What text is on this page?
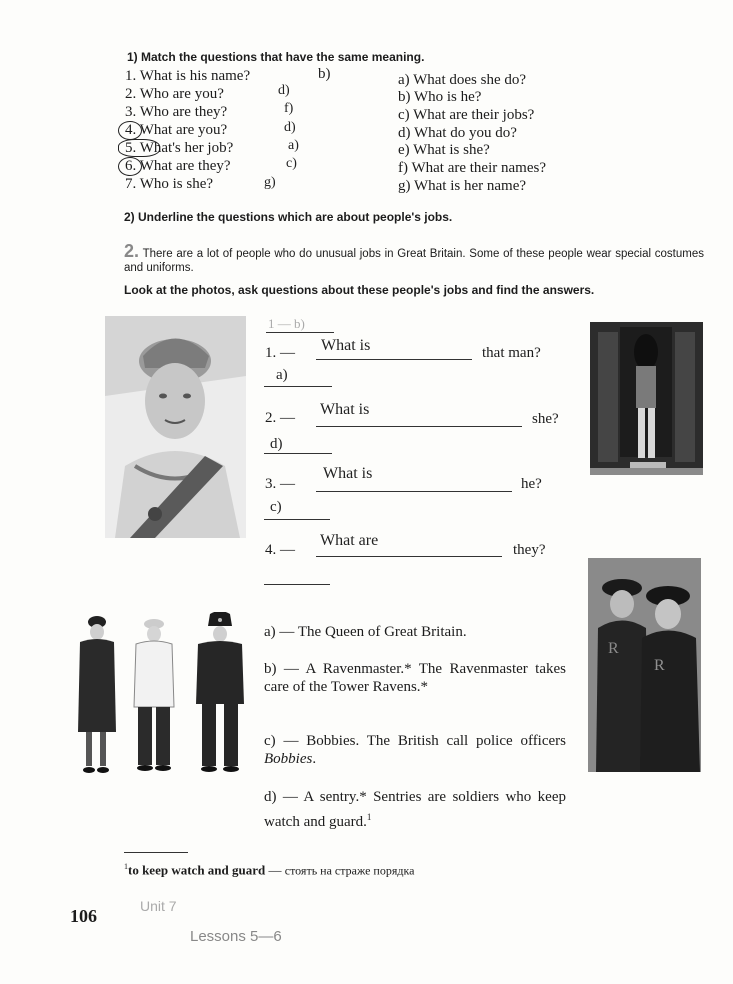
1) Match the questions that have the same meaning.
1. What is his name?
2. Who are you?
3. Who are they?
4. What are you?
5. What's her job?
6. What are they?
7. Who is she?
b)
d)
f)
d)
a)
c)
g)
a) What does she do?
b) Who is he?
c) What are their jobs?
d) What do you do?
e) What is she?
f) What are their names?
g) What is her name?
2) Underline the questions which are about people's jobs.
2. There are a lot of people who do unusual jobs in Great Britain. Some of these people wear special costumes and uniforms.
Look at the photos, ask questions about these people's jobs and find the answers.
1 — b)
1. — What is	that man?
a)
2. — What is
she?
d)
3. —
What is
he?
c)
4. —
What are
they?
a) — The Queen of Great Britain.
b) — A Ravenmaster.* The Ravenmaster takes care of the Tower Ravens.*
c) — Bobbies. The British call police officers Bobbies.
d) — A sentry.* Sentries are soldiers who keep watch and guard.$^1$
R
R
$^1$to keep watch and guard — стоять на страже порядка
106	Unit 7
Lessons 5—6
